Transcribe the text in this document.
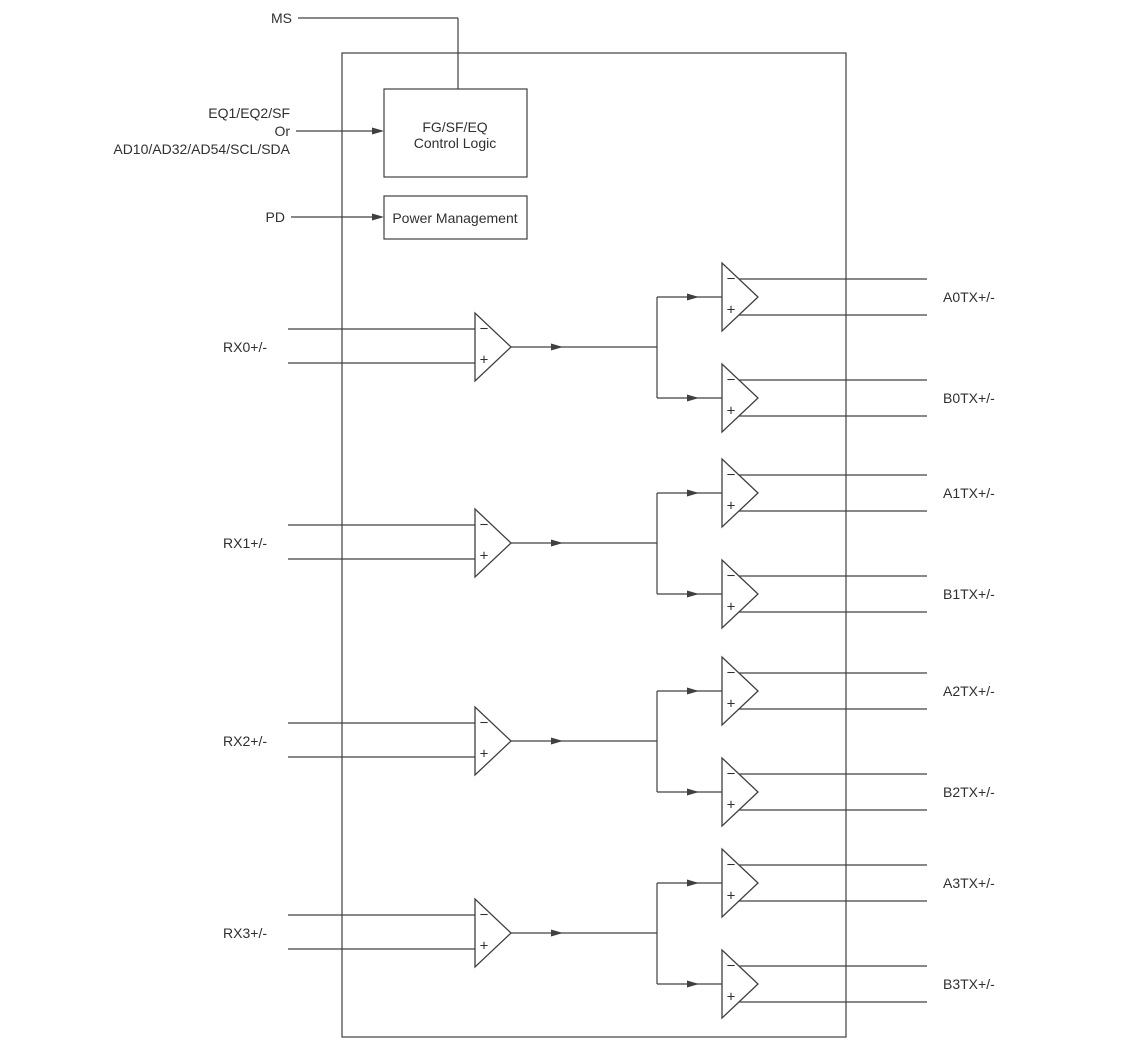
MS
FG/SF/EQ
Control Logic
EQ1/EQ2/SF
Or
AD10/AD32/AD54/SCL/SDA
Power Management
PD
RX0+/-
−
+
−
+
−
+
A0TX+/-
B0TX+/-
RX1+/-
−
+
−
+
−
+
A1TX+/-
B1TX+/-
RX2+/-
−
+
−
+
−
+
A2TX+/-
B2TX+/-
RX3+/-
−
+
−
+
−
+
A3TX+/-
B3TX+/-
